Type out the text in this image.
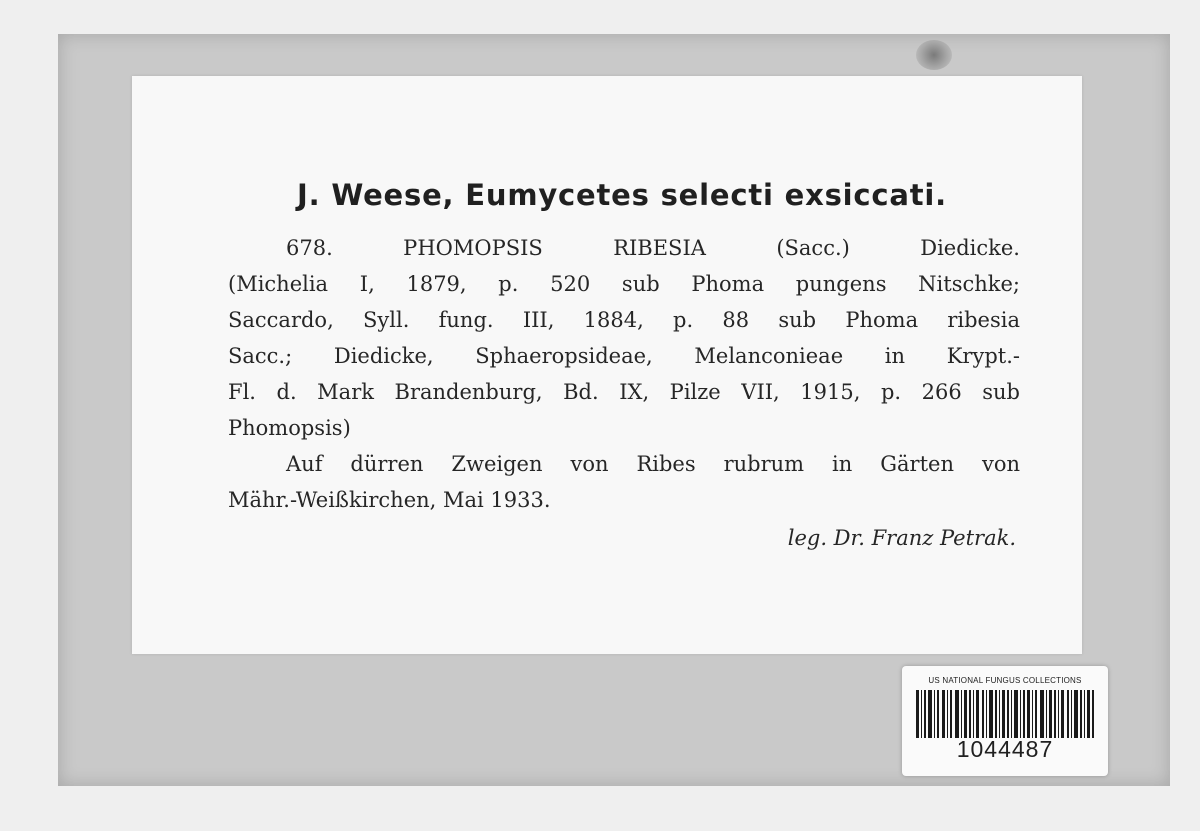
J. Weese, Eumycetes selecti exsiccati.

678. PHOMOPSIS RIBESIA (Sacc.) Diedicke.
(Michelia I, 1879, p. 520 sub Phoma pungens Nitschke;
Saccardo, Syll. fung. III, 1884, p. 88 sub Phoma ribesia
Sacc.; Diedicke, Sphaeropsideae, Melanconieae in Krypt.-
Fl. d. Mark Brandenburg, Bd. IX, Pilze VII, 1915, p. 266 sub
Phomopsis)

Auf dürren Zweigen von Ribes rubrum in Gärten von
Mähr.-Weißkirchen, Mai 1933.

leg. Dr. Franz Petrak.

US NATIONAL FUNGUS COLLECTIONS
1044487
